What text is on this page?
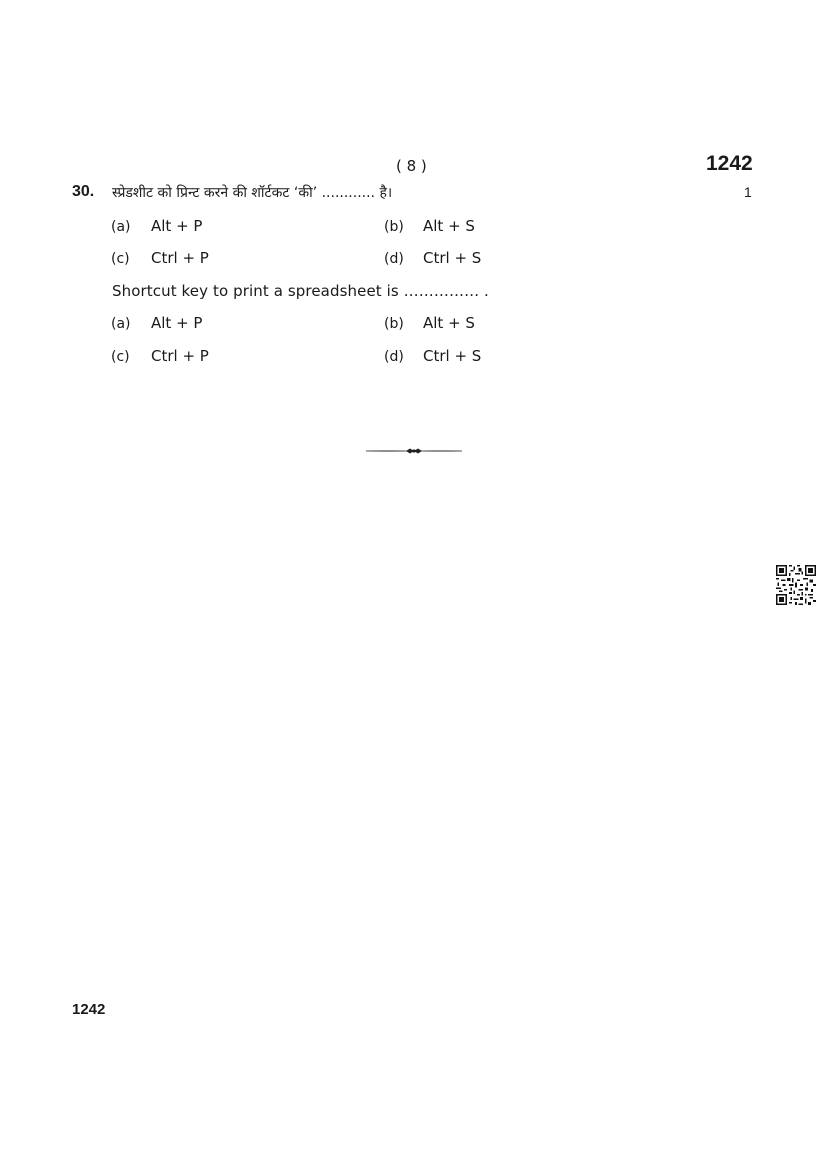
( 8 )	1242
30. स्प्रेडशीट को प्रिन्ट करने की शॉर्टकट ‘की’ ............ है।	1
(a) Alt + P	(b) Alt + S
(c) Ctrl + P	(d) Ctrl + S
Shortcut key to print a spreadsheet is …………… .
(a) Alt + P	(b) Alt + S
(c) Ctrl + P	(d) Ctrl + S
1242
